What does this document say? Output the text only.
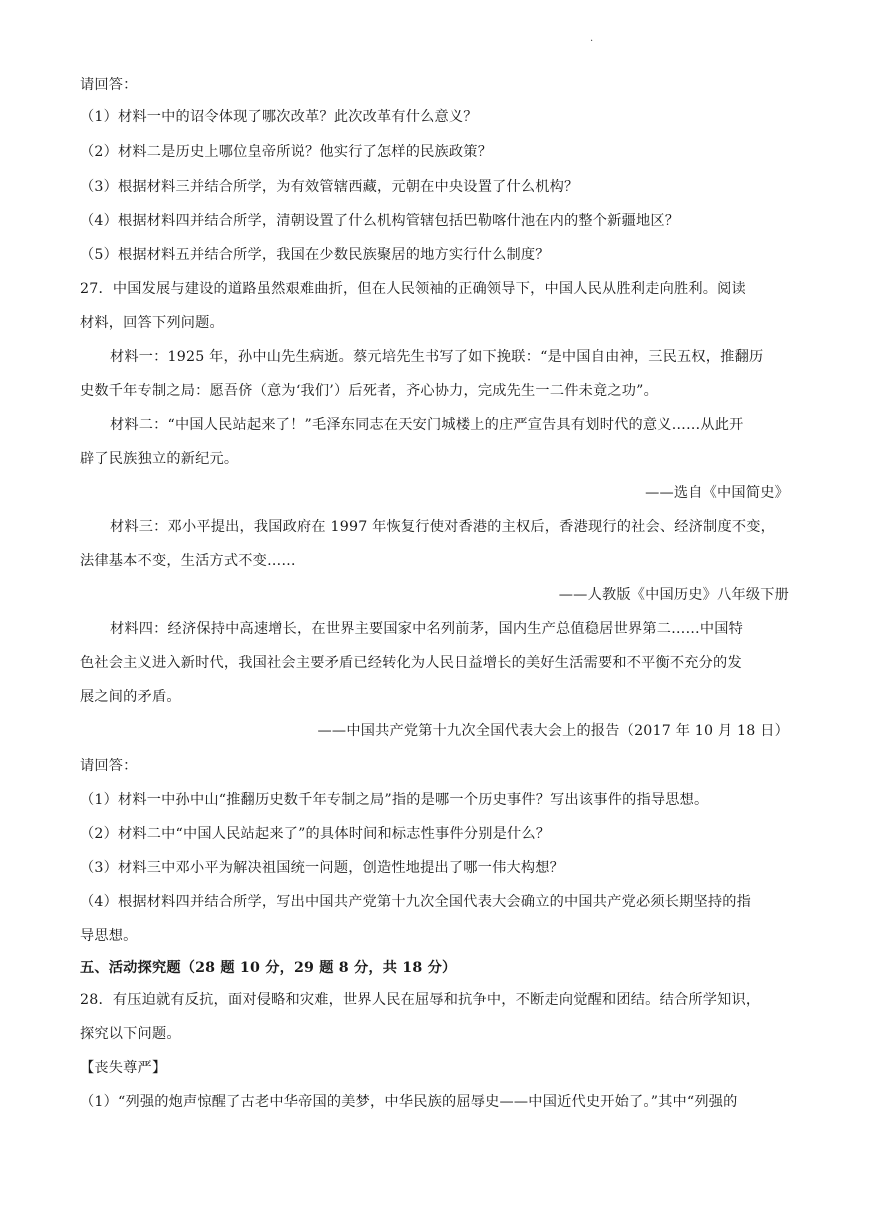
.
请回答：
（1）材料一中的诏令体现了哪次改革？此次改革有什么意义？
（2）材料二是历史上哪位皇帝所说？他实行了怎样的民族政策？
（3）根据材料三并结合所学，为有效管辖西藏，元朝在中央设置了什么机构？
（4）根据材料四并结合所学，清朝设置了什么机构管辖包括巴勒喀什池在内的整个新疆地区？
（5）根据材料五并结合所学，我国在少数民族聚居的地方实行什么制度？
27．中国发展与建设的道路虽然艰难曲折，但在人民领袖的正确领导下，中国人民从胜利走向胜利。阅读
材料，回答下列问题。
材料一：1925 年，孙中山先生病逝。蔡元培先生书写了如下挽联：“是中国自由神，三民五权，推翻历
史数千年专制之局：愿吾侪（意为‘我们’）后死者，齐心协力，完成先生一二件未竟之功”。
材料二：“中国人民站起来了！”毛泽东同志在天安门城楼上的庄严宣告具有划时代的意义……从此开
辟了民族独立的新纪元。
——选自《中国简史》
材料三：邓小平提出，我国政府在 1997 年恢复行使对香港的主权后，香港现行的社会、经济制度不变，
法律基本不变，生活方式不变……
——人教版《中国历史》八年级下册
材料四：经济保持中高速增长，在世界主要国家中名列前茅，国内生产总值稳居世界第二……中国特
色社会主义进入新时代，我国社会主要矛盾已经转化为人民日益增长的美好生活需要和不平衡不充分的发
展之间的矛盾。
——中国共产党第十九次全国代表大会上的报告（2017 年 10 月 18 日）
请回答：
（1）材料一中孙中山“推翻历史数千年专制之局”指的是哪一个历史事件？写出该事件的指导思想。
（2）材料二中“中国人民站起来了”的具体时间和标志性事件分别是什么？
（3）材料三中邓小平为解决祖国统一问题，创造性地提出了哪一伟大构想？
（4）根据材料四并结合所学，写出中国共产党第十九次全国代表大会确立的中国共产党必须长期坚持的指
导思想。
五、活动探究题（28 题 10 分，29 题 8 分，共 18 分）
28．有压迫就有反抗，面对侵略和灾难，世界人民在屈辱和抗争中，不断走向觉醒和团结。结合所学知识，
探究以下问题。
【丧失尊严】
（1）“列强的炮声惊醒了古老中华帝国的美梦，中华民族的屈辱史——中国近代史开始了。”其中“列强的
